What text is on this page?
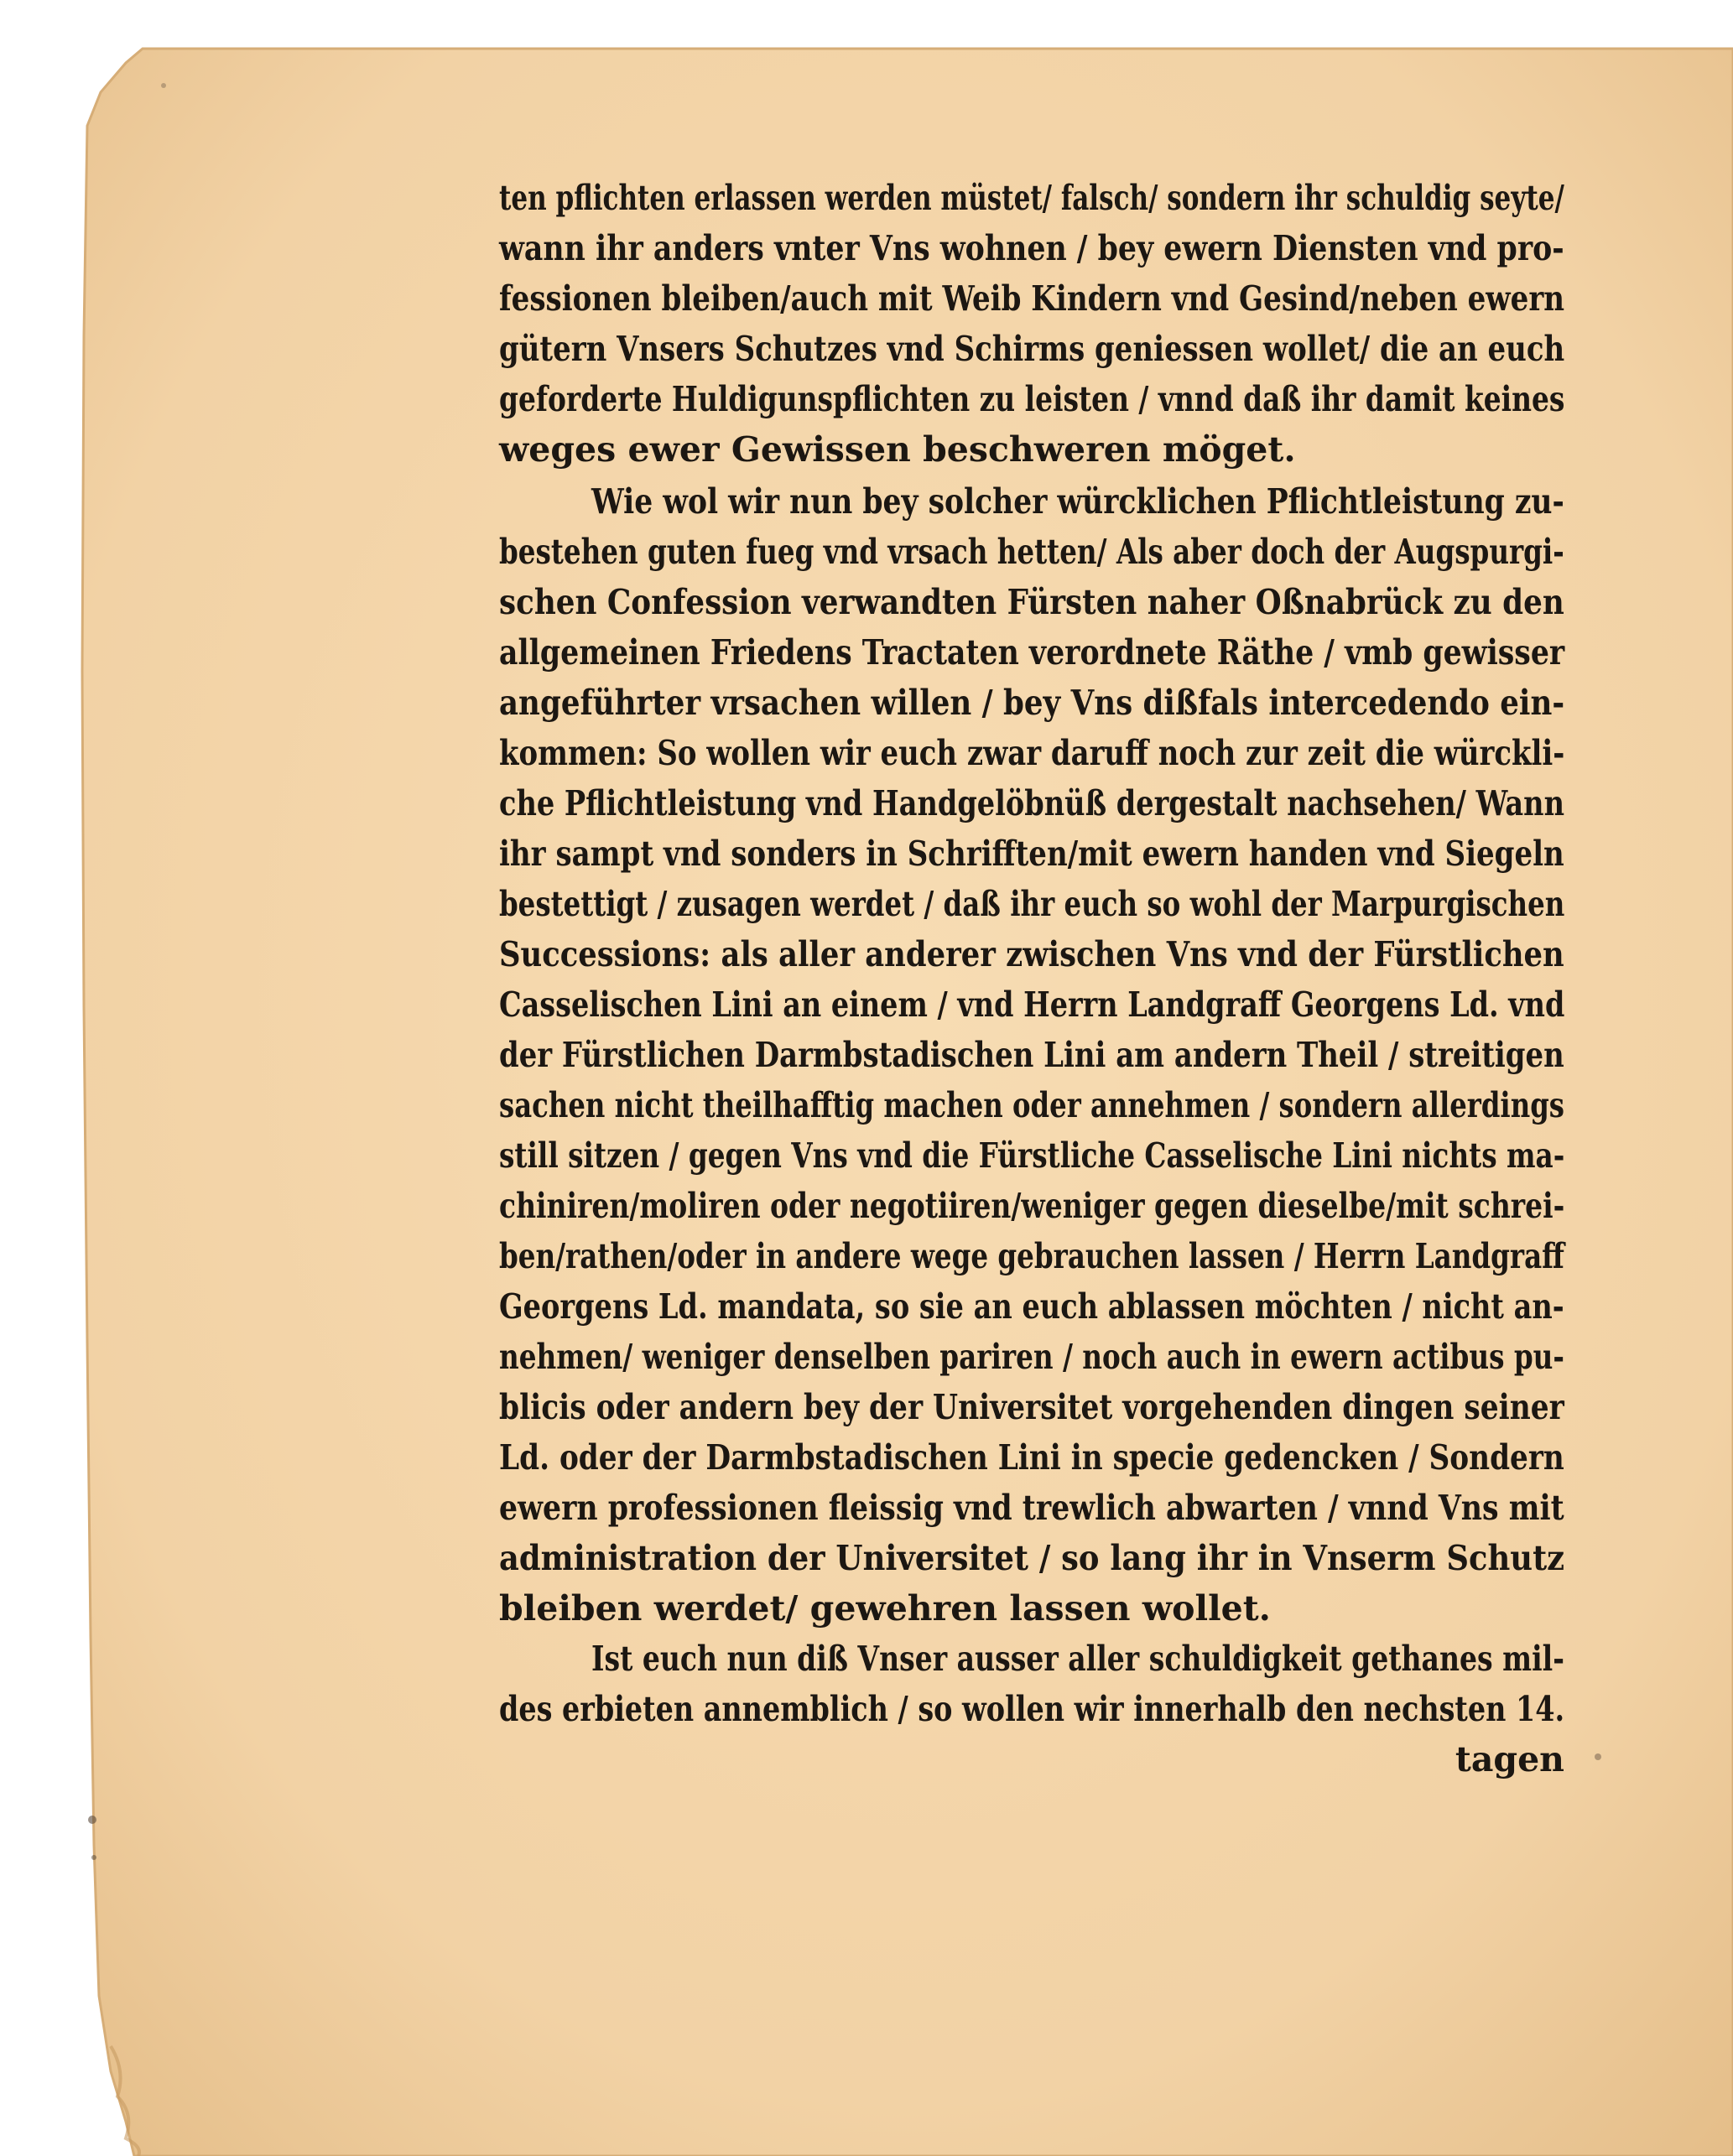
ten pflichten erlassen werden müstet/ falsch/ sondern ihr schuldig seyte/
wann ihr anders vnter Vns wohnen / bey ewern Diensten vnd pro-
fessionen bleiben/auch mit Weib Kindern vnd Gesind/neben ewern
gütern Vnsers Schutzes vnd Schirms geniessen wollet/ die an euch
geforderte Huldigunspflichten zu leisten / vnnd daß ihr damit keines
weges ewer Gewissen beschweren möget.
Wie wol wir nun bey solcher würcklichen Pflichtleistung zu-
bestehen guten fueg vnd vrsach hetten/ Als aber doch der Augspurgi-
schen Confession verwandten Fürsten naher Oßnabrück zu den
allgemeinen Friedens Tractaten verordnete Räthe / vmb gewisser
angeführter vrsachen willen / bey Vns dißfals intercedendo ein-
kommen: So wollen wir euch zwar daruff noch zur zeit die würckli-
che Pflichtleistung vnd Handgelöbnüß dergestalt nachsehen/ Wann
ihr sampt vnd sonders in Schrifften/mit ewern handen vnd Siegeln
bestettigt / zusagen werdet / daß ihr euch so wohl der Marpurgischen
Successions: als aller anderer zwischen Vns vnd der Fürstlichen
Casselischen Lini an einem / vnd Herrn Landgraff Georgens Ld. vnd
der Fürstlichen Darmbstadischen Lini am andern Theil / streitigen
sachen nicht theilhafftig machen oder annehmen / sondern allerdings
still sitzen / gegen Vns vnd die Fürstliche Casselische Lini nichts ma-
chiniren/moliren oder negotiiren/weniger gegen dieselbe/mit schrei-
ben/rathen/oder in andere wege gebrauchen lassen / Herrn Landgraff
Georgens Ld. mandata, so sie an euch ablassen möchten / nicht an-
nehmen/ weniger denselben pariren / noch auch in ewern actibus pu-
blicis oder andern bey der Universitet vorgehenden dingen seiner
Ld. oder der Darmbstadischen Lini in specie gedencken / Sondern
ewern professionen fleissig vnd trewlich abwarten / vnnd Vns mit
administration der Universitet / so lang ihr in Vnserm Schutz
bleiben werdet/ gewehren lassen wollet.
Ist euch nun diß Vnser ausser aller schuldigkeit gethanes mil-
des erbieten annemblich / so wollen wir innerhalb den nechsten 14.
tagen
